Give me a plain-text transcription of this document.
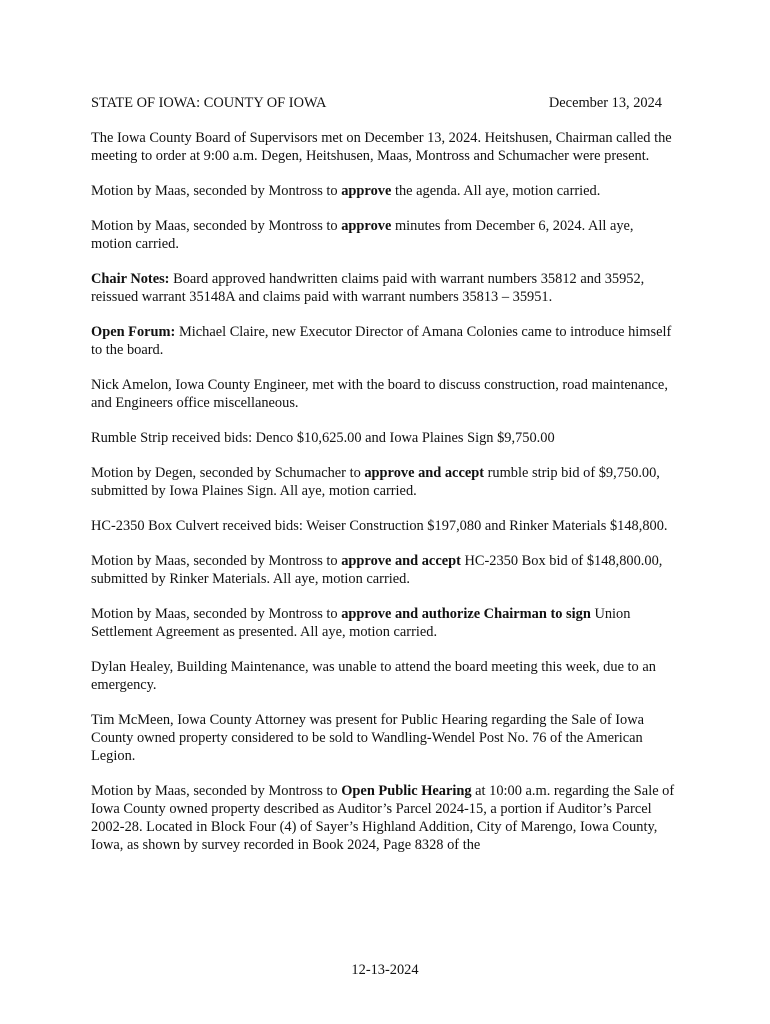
STATE OF IOWA: COUNTY OF IOWA	December 13, 2024

The Iowa County Board of Supervisors met on December 13, 2024. Heitshusen, Chairman called the meeting to order at 9:00 a.m. Degen, Heitshusen, Maas, Montross and Schumacher were present.

Motion by Maas, seconded by Montross to approve the agenda. All aye, motion carried.

Motion by Maas, seconded by Montross to approve minutes from December 6, 2024. All aye, motion carried.

Chair Notes: Board approved handwritten claims paid with warrant numbers 35812 and 35952, reissued warrant 35148A and claims paid with warrant numbers 35813 – 35951.

Open Forum: Michael Claire, new Executor Director of Amana Colonies came to introduce himself to the board.

Nick Amelon, Iowa County Engineer, met with the board to discuss construction, road maintenance, and Engineers office miscellaneous.

Rumble Strip received bids: Denco $10,625.00 and Iowa Plaines Sign $9,750.00

Motion by Degen, seconded by Schumacher to approve and accept rumble strip bid of $9,750.00, submitted by Iowa Plaines Sign. All aye, motion carried.

HC-2350 Box Culvert received bids: Weiser Construction $197,080 and Rinker Materials $148,800.

Motion by Maas, seconded by Montross to approve and accept HC-2350 Box bid of $148,800.00, submitted by Rinker Materials. All aye, motion carried.

Motion by Maas, seconded by Montross to approve and authorize Chairman to sign Union Settlement Agreement as presented. All aye, motion carried.

Dylan Healey, Building Maintenance, was unable to attend the board meeting this week, due to an emergency.

Tim McMeen, Iowa County Attorney was present for Public Hearing regarding the Sale of Iowa County owned property considered to be sold to Wandling-Wendel Post No. 76 of the American Legion.

Motion by Maas, seconded by Montross to Open Public Hearing at 10:00 a.m. regarding the Sale of Iowa County owned property described as Auditor’s Parcel 2024-15, a portion if Auditor’s Parcel 2002-28. Located in Block Four (4) of Sayer’s Highland Addition, City of Marengo, Iowa County, Iowa, as shown by survey recorded in Book 2024, Page 8328 of the

12-13-2024
